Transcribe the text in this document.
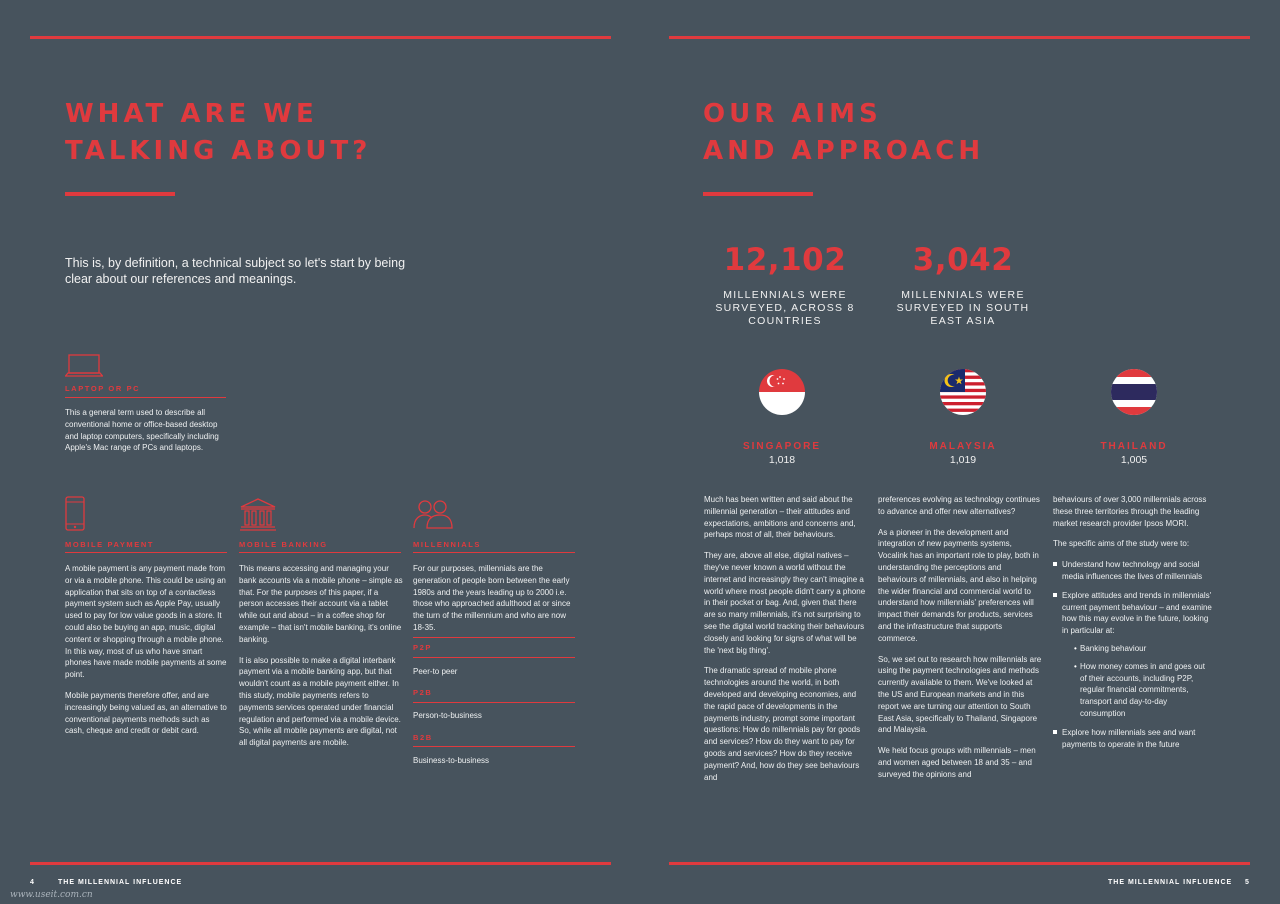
WHAT ARE WE
TALKING ABOUT?
This is, by definition, a technical subject so let's start by being clear about our references and meanings.
LAPTOP OR PC
This a general term used to describe all conventional home or office-based desktop and laptop computers, specifically including Apple's Mac range of PCs and laptops.
MOBILE PAYMENT

A mobile payment is any payment made from or via a mobile phone. This could be using an application that sits on top of a contactless payment system such as Apple Pay, usually used to pay for low value goods in a store. It could also be buying an app, music, digital content or shopping through a mobile phone. In this way, most of us who have smart phones have made mobile payments at some point.

Mobile payments therefore offer, and are increasingly being valued as, an alternative to conventional payments methods such as cash, cheque and credit or debit card.

MOBILE BANKING

This means accessing and managing your bank accounts via a mobile phone – simple as that. For the purposes of this paper, if a person accesses their account via a tablet while out and about – in a coffee shop for example – that isn't mobile banking, it's online banking.

It is also possible to make a digital interbank payment via a mobile banking app, but that wouldn't count as a mobile payment either. In this study, mobile payments refers to payments services operated under financial regulation and performed via a mobile device. So, while all mobile payments are digital, not all digital payments are mobile.

MILLENNIALS
For our purposes, millennials are the generation of people born between the early 1980s and the years leading up to 2000 i.e. those who approached adulthood at or since the turn of the millennium and who are now 18-35.
P2P
Peer-to peer
P2B
Person-to-business
B2B
Business-to-business
4	THE MILLENNIAL INFLUENCE
OUR AIMS
AND APPROACH
12,102
MILLENNIALS WERE SURVEYED, ACROSS 8 COUNTRIES
3,042
MILLENNIALS WERE SURVEYED IN SOUTH EAST ASIA
SINGAPORE
1,018
MALAYSIA
1,019
THAILAND
1,005

Much has been written and said about the millennial generation – their attitudes and expectations, ambitions and concerns and, perhaps most of all, their behaviours.

They are, above all else, digital natives – they've never known a world without the internet and increasingly they can't imagine a world where most people didn't carry a phone in their pocket or bag. And, given that there are so many millennials, it's not surprising to see the digital world tracking their behaviours closely and looking for signs of what will be the 'next big thing'.

The dramatic spread of mobile phone technologies around the world, in both developed and developing economies, and the rapid pace of developments in the payments industry, prompt some important questions: How do millennials pay for goods and services? How do they want to pay for goods and services? How do they receive payment? And, how do they see behaviours and

preferences evolving as technology continues to advance and offer new alternatives?

As a pioneer in the development and integration of new payments systems, Vocalink has an important role to play, both in understanding the perceptions and behaviours of millennials, and also in helping the wider financial and commercial world to understand how millennials' preferences will impact their demands for products, services and the infrastructure that supports commerce.

So, we set out to research how millennials are using the payment technologies and methods currently available to them. We've looked at the US and European markets and in this report we are turning our attention to South East Asia, specifically to Thailand, Singapore and Malaysia.

We held focus groups with millennials – men and women aged between 18 and 35 – and surveyed the opinions and

behaviours of over 3,000 millennials across these three territories through the leading market research provider Ipsos MORI.

The specific aims of the study were to:

Understand how technology and social media influences the lives of millennials
Explore attitudes and trends in millennials' current payment behaviour – and examine how this may evolve in the future, looking in particular at:
• Banking behaviour
• How money comes in and goes out of their accounts, including P2P, regular financial commitments, transport and day-to-day consumption
Explore how millennials see and want payments to operate in the future
THE MILLENNIAL INFLUENCE 5
www.useit.com.cn
